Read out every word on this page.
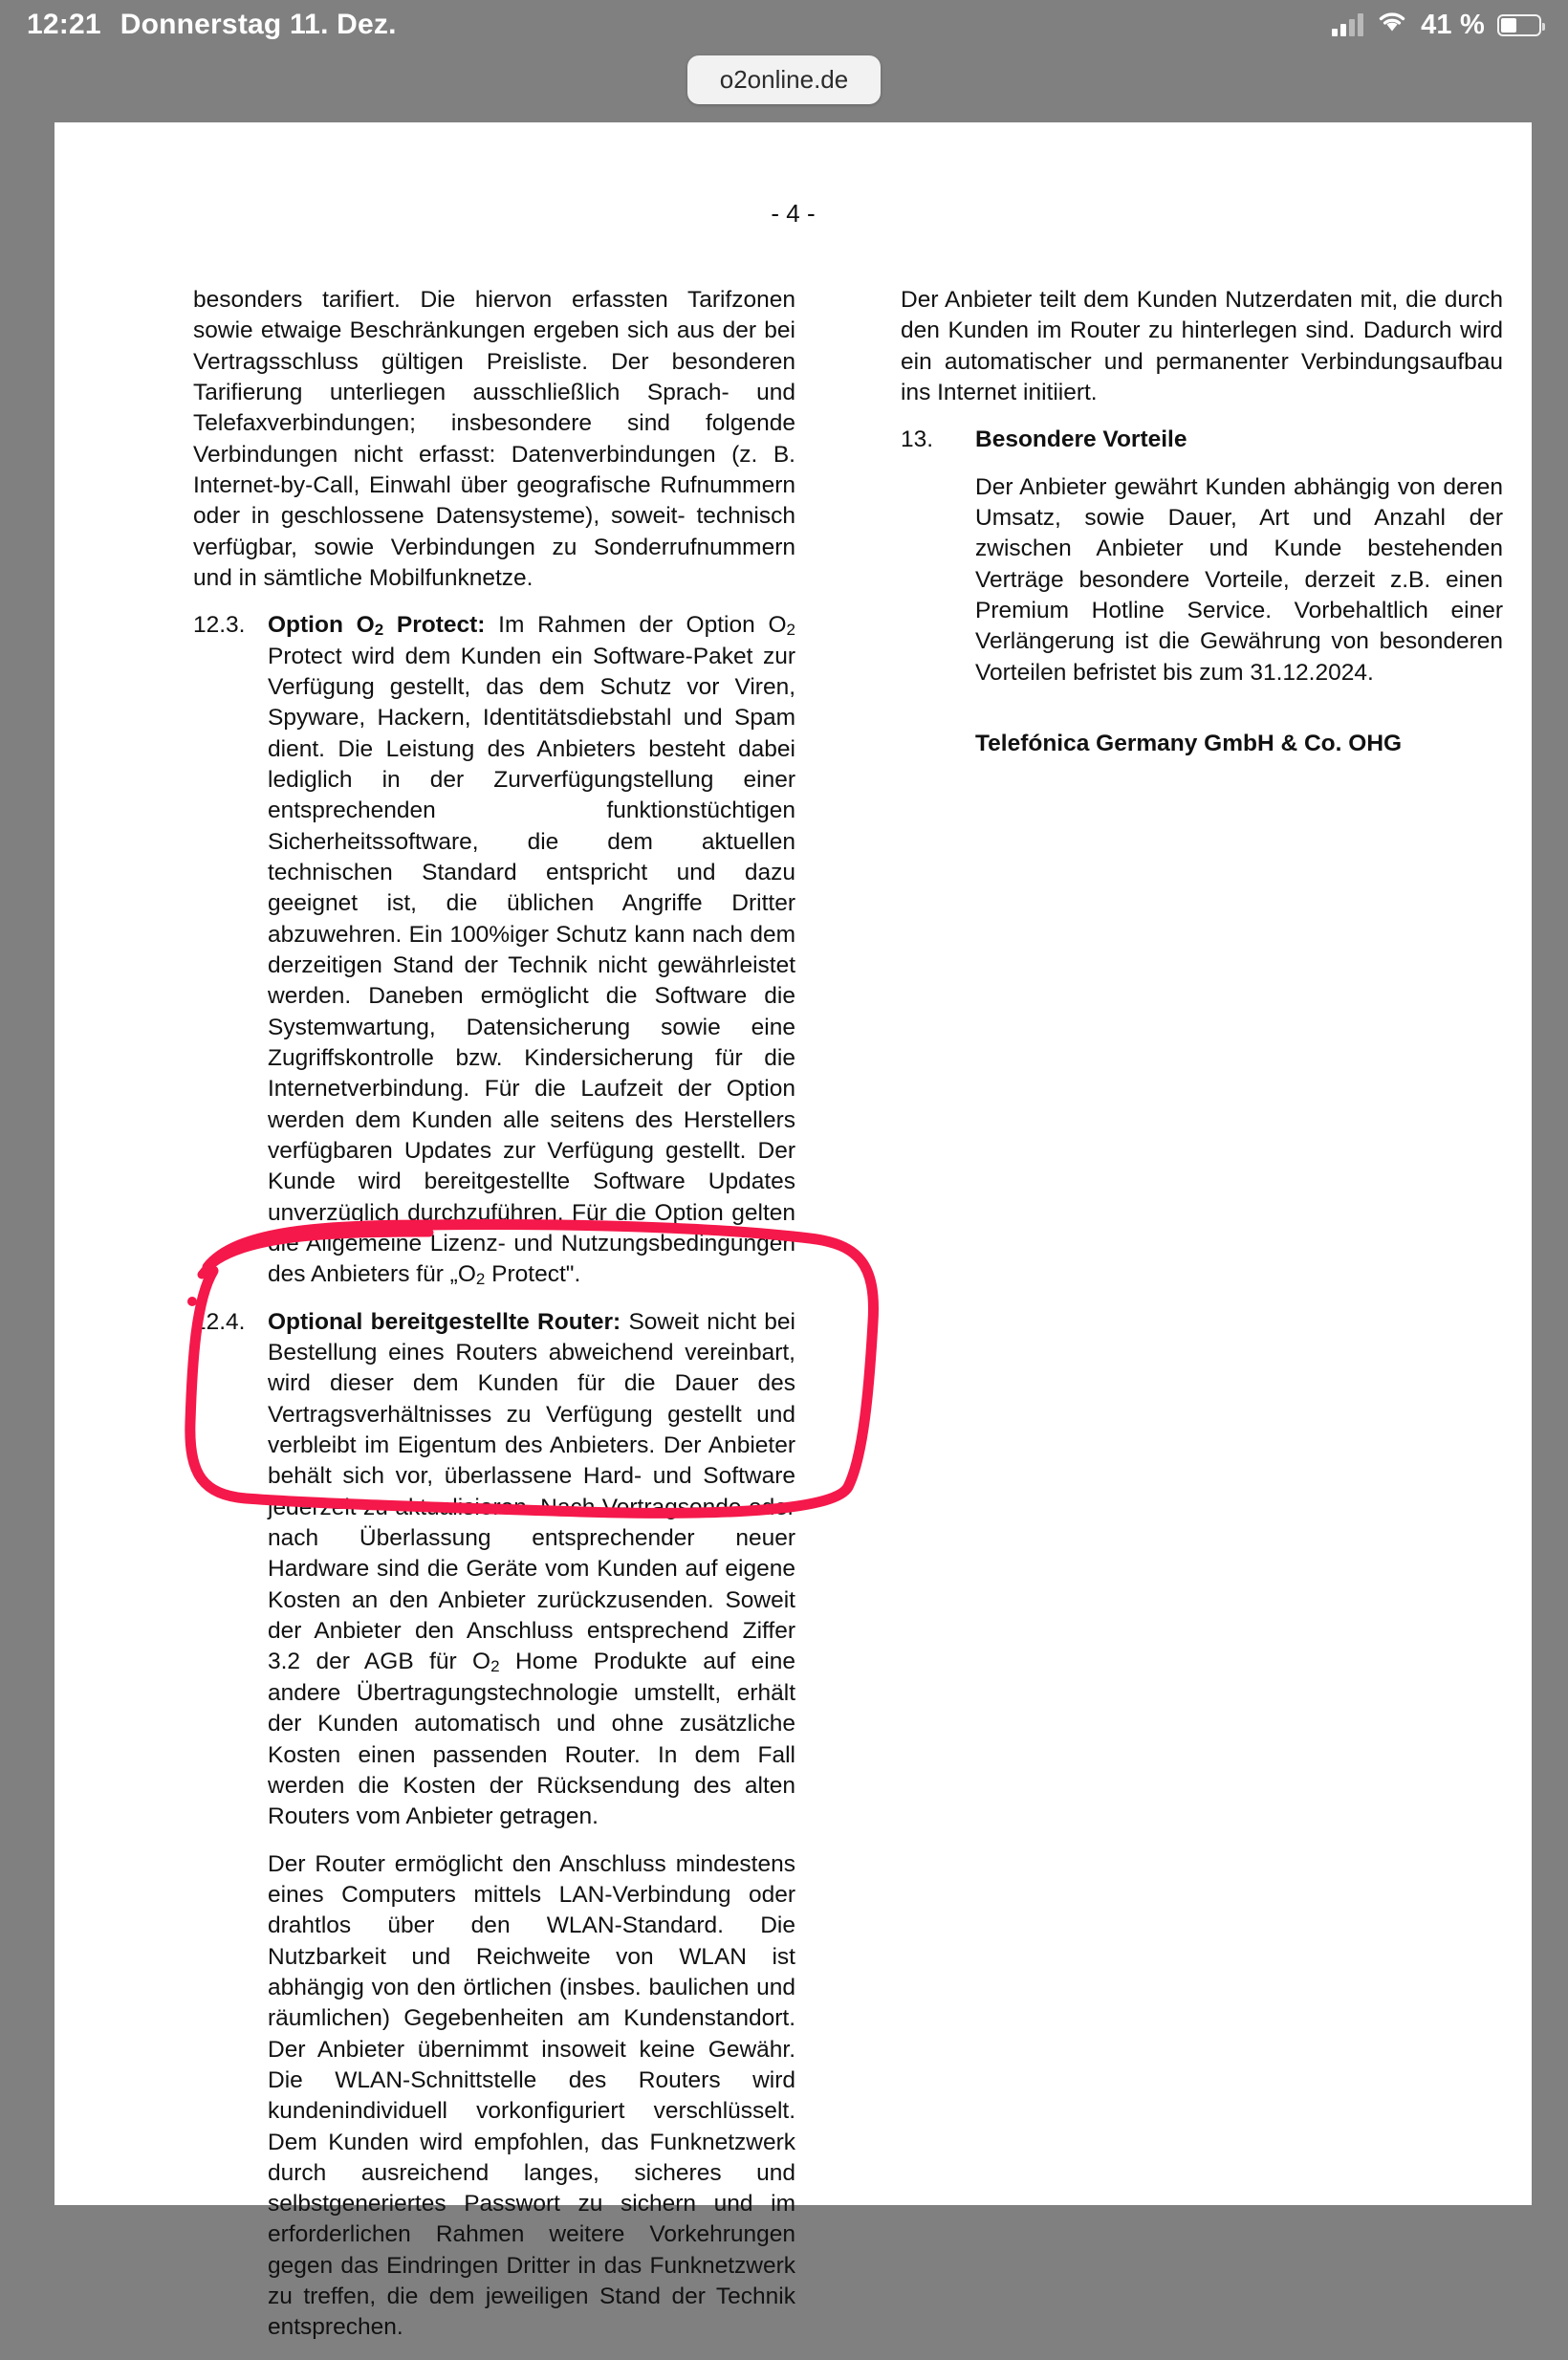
12:21 Donnerstag 11. Dez.	41 %
o2online.de
- 4 -

besonders tarifiert. Die hiervon erfassten Tarifzonen sowie etwaige Beschränkungen ergeben sich aus der bei Vertragsschluss gültigen Preisliste. Der besonderen Tarifierung unterliegen ausschließlich Sprach- und Telefaxverbindungen; insbesondere sind folgende Verbindungen nicht erfasst: Datenverbindungen (z. B. Internet-by-Call, Einwahl über geografische Rufnummern oder in geschlossene Datensysteme), soweit- technisch verfügbar, sowie Verbindungen zu Sonderrufnummern und in sämtliche Mobilfunknetze.

12.3. Option O2 Protect: Im Rahmen der Option O2 Protect wird dem Kunden ein Software-Paket zur Verfügung gestellt, das dem Schutz vor Viren, Spyware, Hackern, Identitätsdiebstahl und Spam dient. Die Leistung des Anbieters besteht dabei lediglich in der Zurverfügungstellung einer entsprechenden funktionstüchtigen Sicherheitssoftware, die dem aktuellen technischen Standard entspricht und dazu geeignet ist, die üblichen Angriffe Dritter abzuwehren. Ein 100%iger Schutz kann nach dem derzeitigen Stand der Technik nicht gewährleistet werden. Daneben ermöglicht die Software die Systemwartung, Datensicherung sowie eine Zugriffskontrolle bzw. Kindersicherung für die Internetverbindung. Für die Laufzeit der Option werden dem Kunden alle seitens des Herstellers verfügbaren Updates zur Verfügung gestellt. Der Kunde wird bereitgestellte Software Updates unverzüglich durchzuführen. Für die Option gelten die Allgemeine Lizenz- und Nutzungsbedingungen des Anbieters für „O2 Protect".
12.4. Optional bereitgestellte Router: Soweit nicht bei Bestellung eines Routers abweichend vereinbart, wird dieser dem Kunden für die Dauer des Vertragsverhältnisses zu Verfügung gestellt und verbleibt im Eigentum des Anbieters. Der Anbieter behält sich vor, überlassene Hard- und Software jederzeit zu aktualisieren. Nach Vertragsende oder nach Überlassung entsprechender neuer Hardware sind die Geräte vom Kunden auf eigene Kosten an den Anbieter zurückzusenden. Soweit der Anbieter den Anschluss entsprechend Ziffer 3.2 der AGB für O2 Home Produkte auf eine andere Übertragungstechnologie umstellt, erhält der Kunden automatisch und ohne zusätzliche Kosten einen passenden Router. In dem Fall werden die Kosten der Rücksendung des alten Routers vom Anbieter getragen.

Der Router ermöglicht den Anschluss mindestens eines Computers mittels LAN-Verbindung oder drahtlos über den WLAN-Standard. Die Nutzbarkeit und Reichweite von WLAN ist abhängig von den örtlichen (insbes. baulichen und räumlichen) Gegebenheiten am Kundenstandort. Der Anbieter übernimmt insoweit keine Gewähr. Die WLAN-Schnittstelle des Routers wird kundenindividuell vorkonfiguriert verschlüsselt. Dem Kunden wird empfohlen, das Funknetzwerk durch ausreichend langes, sicheres und selbstgeneriertes Passwort zu sichern und im erforderlichen Rahmen weitere Vorkehrungen gegen das Eindringen Dritter in das Funknetzwerk zu treffen, die dem jeweiligen Stand der Technik entsprechen.

Der Anbieter teilt dem Kunden Nutzerdaten mit, die durch den Kunden im Router zu hinterlegen sind. Dadurch wird ein automatischer und permanenter Verbindungsaufbau ins Internet initiiert.

13.	Besondere Vorteile

Der Anbieter gewährt Kunden abhängig von deren Umsatz, sowie Dauer, Art und Anzahl der zwischen Anbieter und Kunde bestehenden Verträge besondere Vorteile, derzeit z.B. einen Premium Hotline Service. Vorbehaltlich einer Verlängerung ist die Gewährung von besonderen Vorteilen befristet bis zum 31.12.2024.

Telefónica Germany GmbH & Co. OHG
